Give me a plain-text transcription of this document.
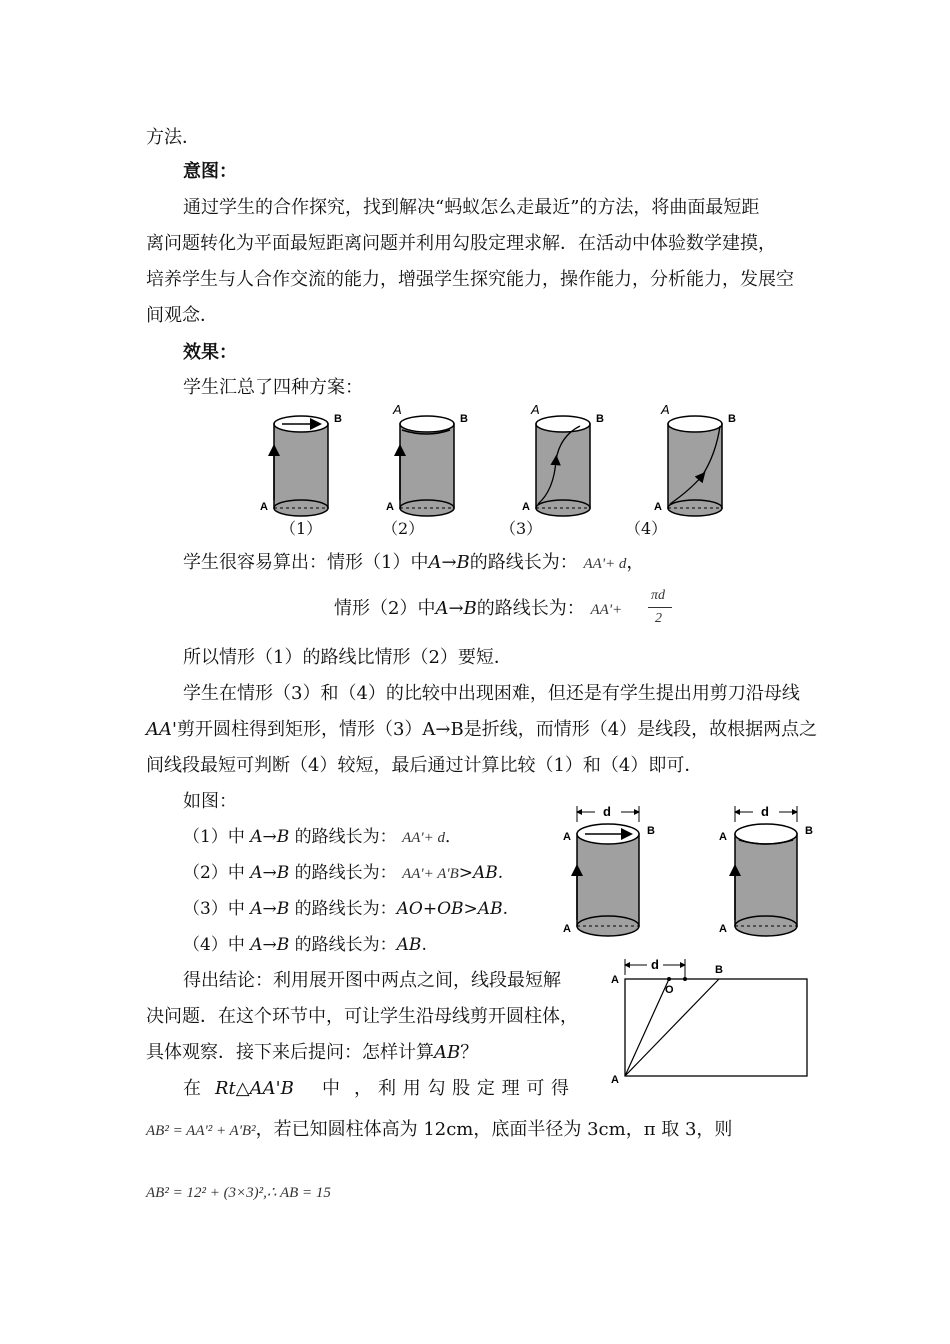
方法．
意图：
通过学生的合作探究，找到解决“蚂蚁怎么走最近”的方法，将曲面最短距
离问题转化为平面最短距离问题并利用勾股定理求解．在活动中体验数学建摸，
培养学生与人合作交流的能力，增强学生探究能力，操作能力，分析能力，发展空
间观念．
效果：
学生汇总了四种方案：
A
B
A
A
B
A
A
B
A
A
B
（1）	（2）	（3）	（4）
学生很容易算出：情形（1）中A→B的路线长为： AA'+ d，
情形（2）中A→B的路线长为： AA'+
πd
2
所以情形（1）的路线比情形（2）要短．
学生在情形（3）和（4）的比较中出现困难，但还是有学生提出用剪刀沿母线
AA'剪开圆柱得到矩形，情形（3）A→B是折线，而情形（4）是线段，故根据两点之
间线段最短可判断（4）较短，最后通过计算比较（1）和（4）即可．
如图：
（1）中 A→B 的路线长为： AA'+ d．
（2）中 A→B 的路线长为： AA'+ A'B>AB.
（3）中 A→B 的路线长为：AO+OB>AB.
（4）中 A→B 的路线长为：AB.
d
A
A	B
d
A
A	B
d
A
A
O
B
得出结论：利用展开图中两点之间，线段最短解
决问题．在这个环节中，可让学生沿母线剪开圆柱体，
具体观察．接下来后提问：怎样计算AB？
在 Rt△AA'B 中，
利 用 勾 股 定 理 可 得
AB² = AA'² + A'B²，若已知圆柱体高为 12cm，底面半径为 3cm，π 取 3，则
AB² = 12² + (3×3)²,∴ AB = 15
